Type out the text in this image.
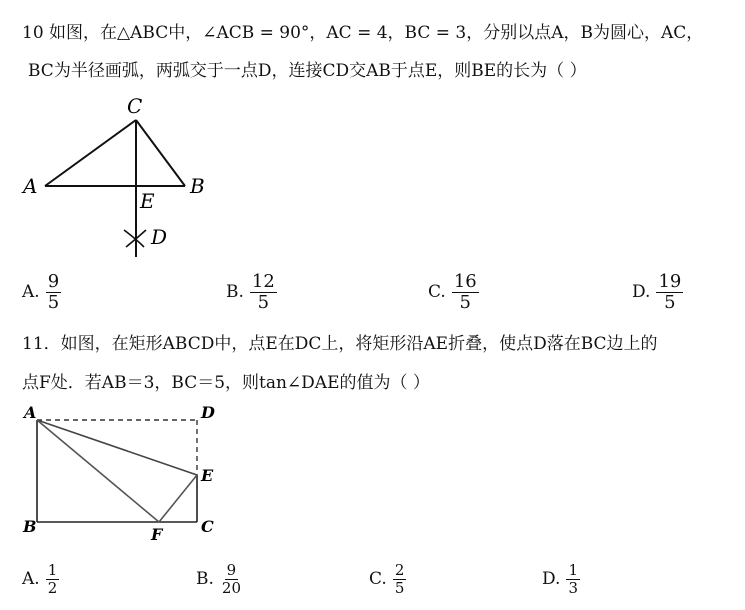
10 如图，在△ABC中，∠ACB = 90°，AC = 4，BC = 3，分别以点A，B为圆心，AC，
BC为半径画弧，两弧交于一点D，连接CD交AB于点E，则BE的长为（ ）
C
A	B
E
D
A. $\frac{9}{5}$	B. $\frac{12}{5}$	C. $\frac{16}{5}$	D. $\frac{19}{5}$
11．如图，在矩形ABCD中，点E在DC上，将矩形沿AE折叠，使点D落在BC边上的
点F处．若AB＝3，BC＝5，则tan∠DAE的值为（ ）
A	D
E
B	C
F
A. $\frac{1}{2}$	B. $\frac{9}{20}$	C. $\frac{2}{5}$	D. $\frac{1}{3}$
